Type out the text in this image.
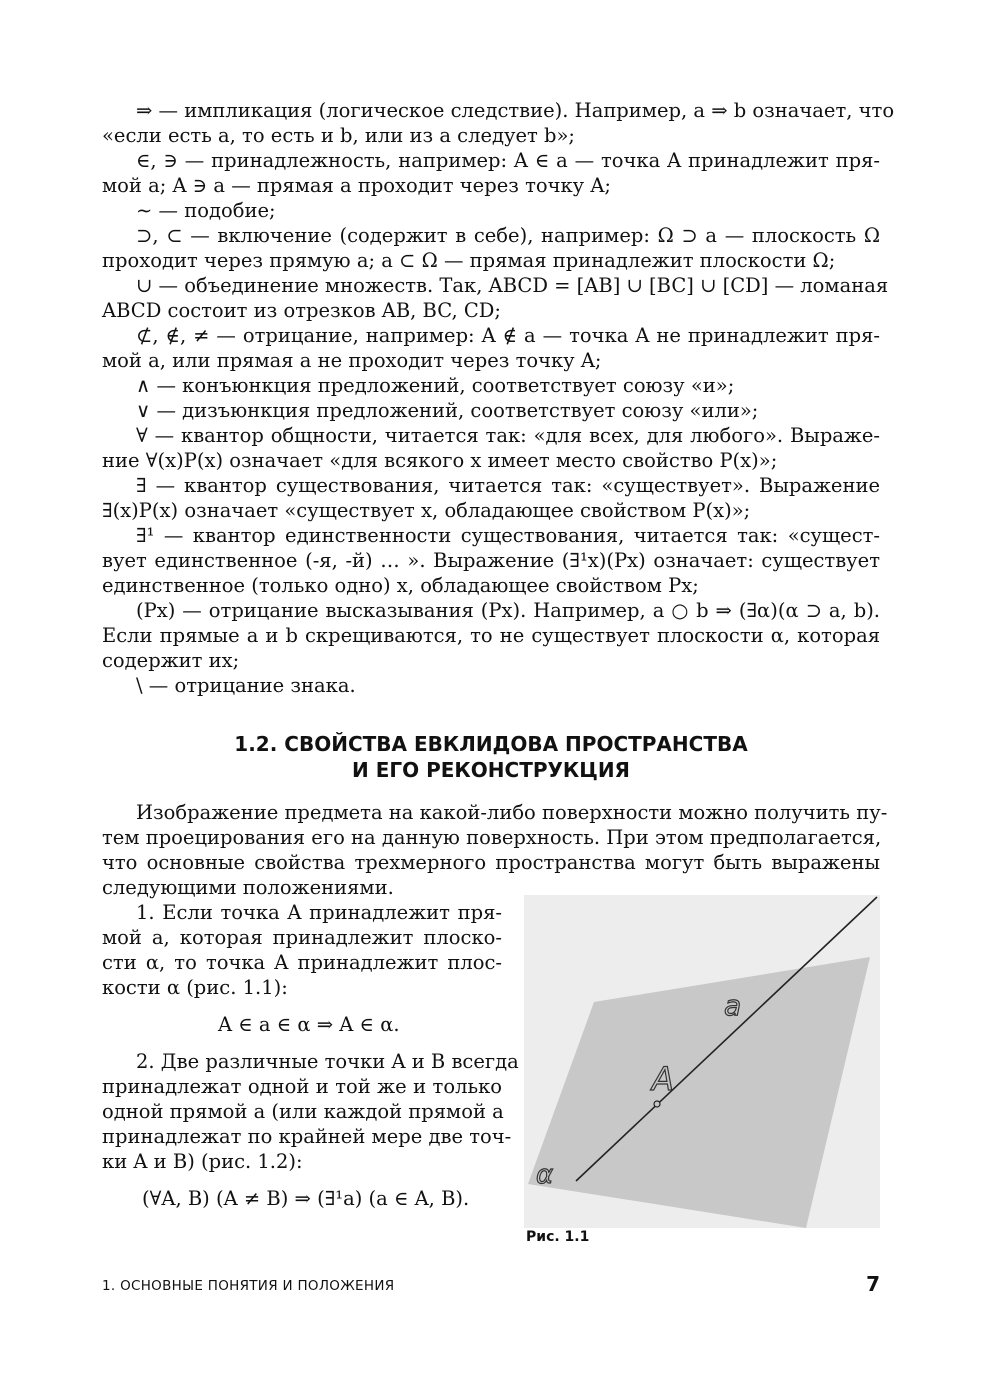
⇒ — импликация (логическое следствие). Например, a ⇒ b означает, что
«если есть a, то есть и b, или из a следует b»;
∈, ∋ — принадлежность, например: A ∈ a — точка A принадлежит пря-
мой a; A ∋ a — прямая a проходит через точку A;
∼ — подобие;
⊃, ⊂ — включение (содержит в себе), например: Ω ⊃ a — плоскость Ω
проходит через прямую a; a ⊂ Ω — прямая принадлежит плоскости Ω;
∪ — объединение множеств. Так, ABCD = [AB] ∪ [BC] ∪ [CD] — ломаная
ABCD состоит из отрезков AB, BC, CD;
⊄, ∉, ≠ — отрицание, например: A ∉ a — точка A не принадлежит пря-
мой a, или прямая a не проходит через точку A;
∧ — конъюнкция предложений, соответствует союзу «и»;
∨ — дизъюнкция предложений, соответствует союзу «или»;
∀ — квантор общности, читается так: «для всех, для любого». Выраже-
ние ∀(x)P(x) означает «для всякого x имеет место свойство P(x)»;
∃ — квантор существования, читается так: «существует». Выражение
∃(x)P(x) означает «существует x, обладающее свойством P(x)»;
∃¹ — квантор единственности существования, читается так: «сущест-
вует единственное (-я, -й) … ». Выражение (∃¹x)(Px) означает: существует
единственное (только одно) x, обладающее свойством Px;
(Px) — отрицание высказывания (Px). Например, a ○ b ⇒ (∃α)(α ⊃ a, b).
Если прямые a и b скрещиваются, то не существует плоскости α, которая
содержит их;
\ — отрицание знака.
1.2. СВОЙСТВА ЕВКЛИДОВА ПРОСТРАНСТВА
И ЕГО РЕКОНСТРУКЦИЯ
Изображение предмета на какой-либо поверхности можно получить пу-
тем проецирования его на данную поверхность. При этом предполагается,
что основные свойства трехмерного пространства могут быть выражены
следующими положениями.
1. Если точка A принадлежит пря-
мой a, которая принадлежит плоско-
сти α, то точка A принадлежит плос-
кости α (рис. 1.1):
A ∈ a ∈ α ⇒ A ∈ α.
2. Две различные точки A и B всегда
принадлежат одной и той же и только
одной прямой a (или каждой прямой a
принадлежат по крайней мере две точ-
ки A и B) (рис. 1.2):
(∀A, B) (A ≠ B) ⇒ (∃¹a) (a ∈ A, B).
a
A
α
Рис. 1.1
1. ОСНОВНЫЕ ПОНЯТИЯ И ПОЛОЖЕНИЯ	7
